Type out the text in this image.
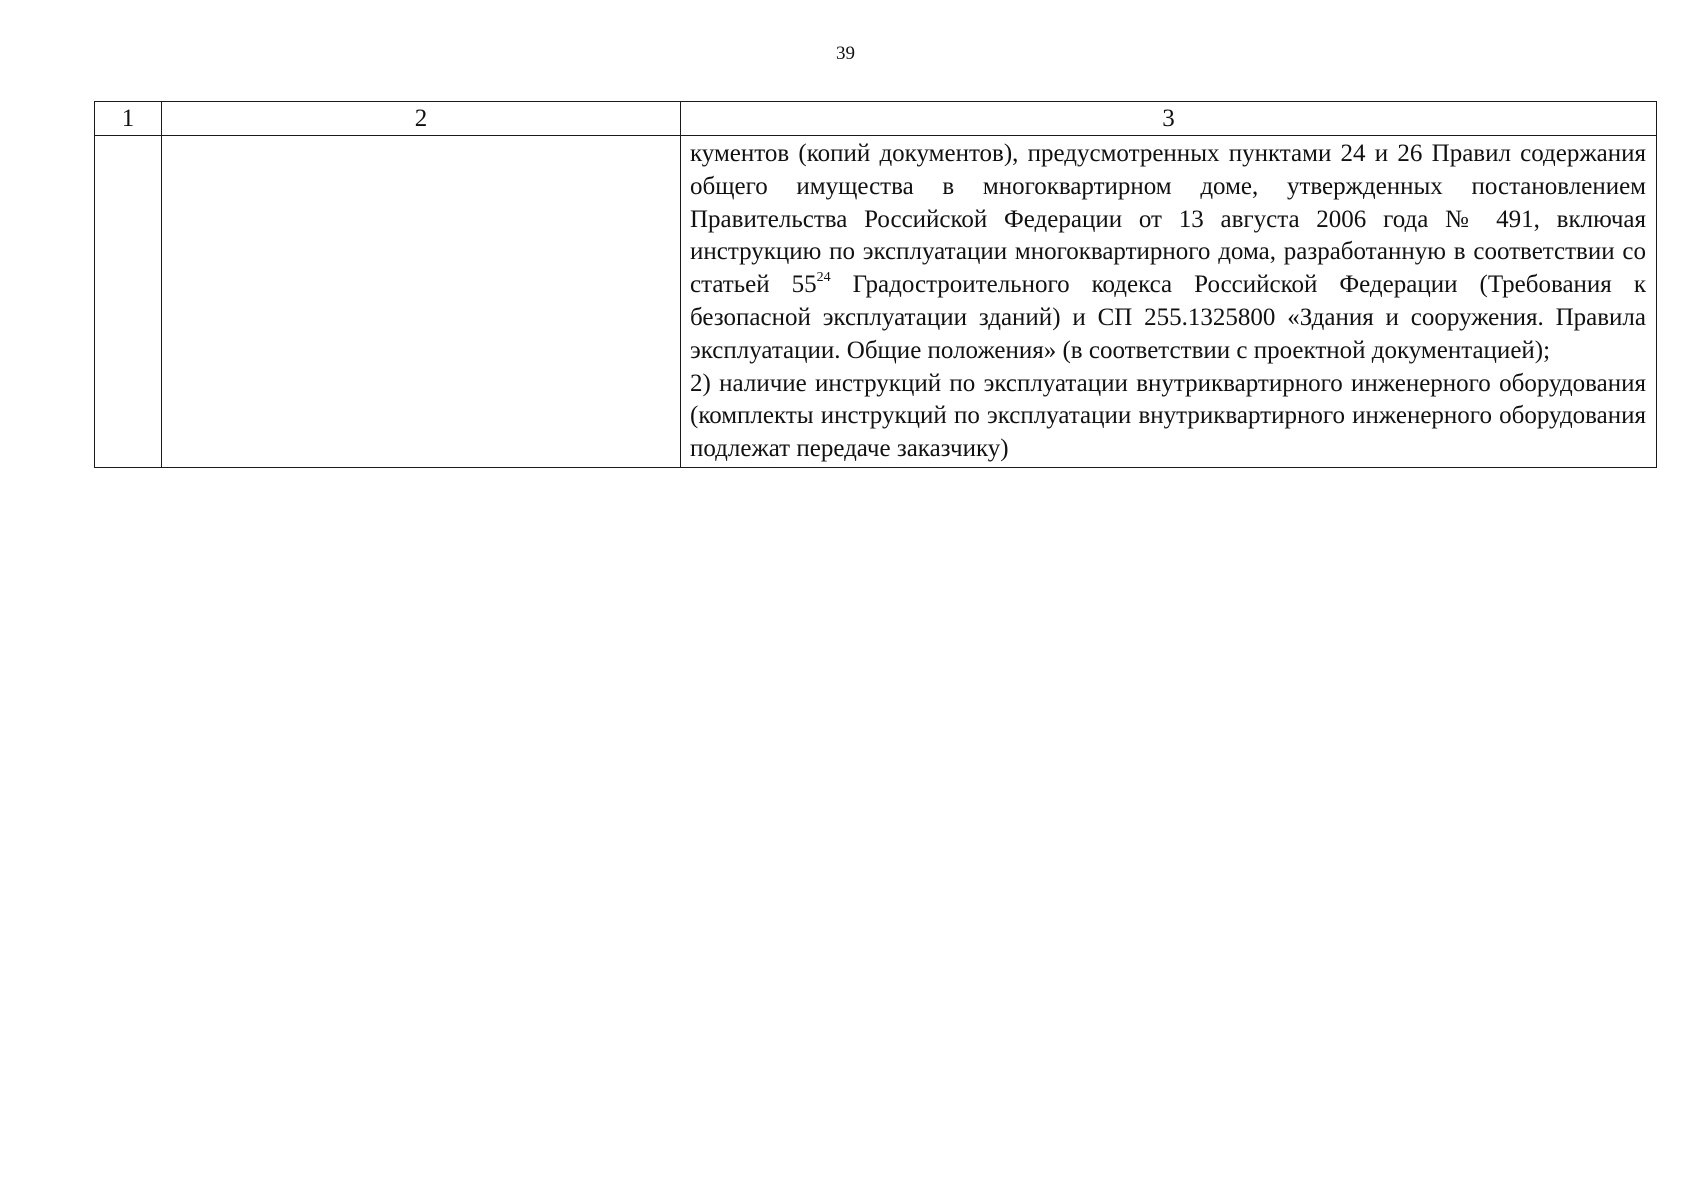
39
1	2	3

		кументов (копий документов), предусмотренных пунктами 24 и 26 Правил содержания общего имущества в многоквартирном доме, утвержденных постановлением Правительства Российской Федерации от 13 августа 2006 года № 491, включая инструкцию по эксплуатации многоквартирного дома, разработанную в соответствии со статьей $55^{24}$ Градостроительного кодекса Российской Федерации (Требования к безопасной эксплуатации зданий) и СП 255.1325800 «Здания и сооружения. Правила эксплуатации. Общие положения» (в соответствии с проектной документацией);

2) наличие инструкций по эксплуатации внутриквартирного инженерного оборудования (комплекты инструкций по эксплуатации внутриквартирного инженерного оборудования подлежат передаче заказчику)
